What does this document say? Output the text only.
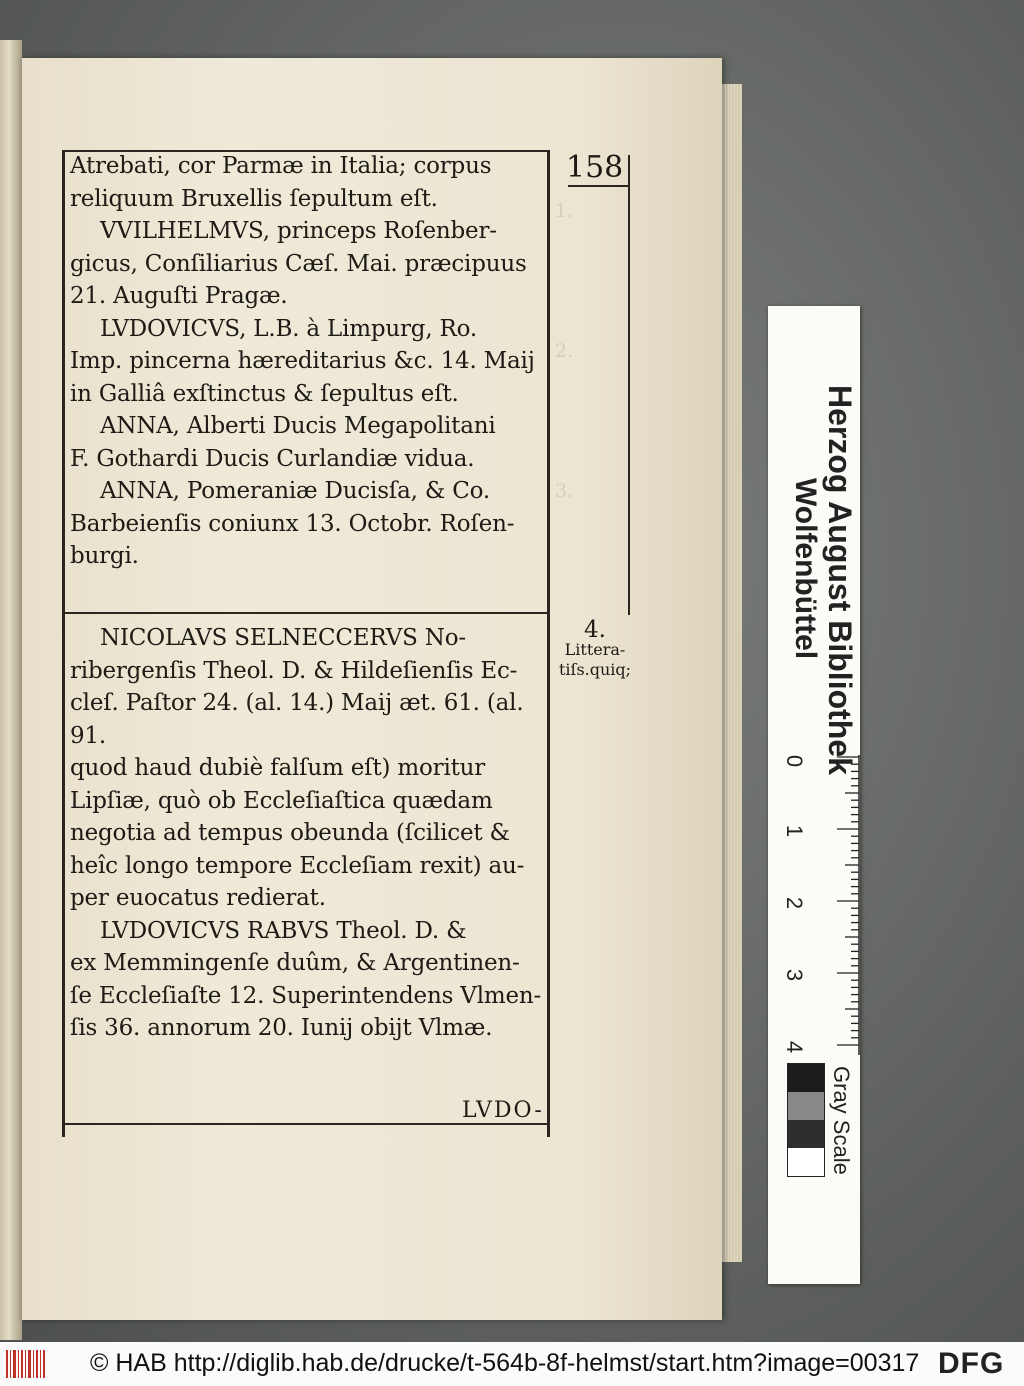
1.
2.
3.
158
Atrebati, cor Parmæ in Italia; corpus
reliquum Bruxellis ſepultum eſt.
VVILHELMVS, princeps Roſenber-
gicus, Conſiliarius Cæſ. Mai. præcipuus
21. Auguſti Pragæ.
LVDOVICVS, L.B. à Limpurg, Ro.
Imp. pincerna hæreditarius &c. 14. Maij
in Galliâ exſtinctus & ſepultus eſt.
ANNA, Alberti Ducis Megapolitani
F. Gothardi Ducis Curlandiæ vidua.
ANNA, Pomeraniæ Ducisſa, & Co.
Barbeienſis coniunx 13. Octobr. Roſen-
burgi.
NICOLAVS SELNECCERVS No-
ribergenſis Theol. D. & Hildeſienſis Ec-
cleſ. Paſtor 24. (al. 14.) Maij æt. 61. (al. 91.
quod haud dubiè falſum eſt) moritur
Lipſiæ, quò ob Eccleſiaſtica quædam
negotia ad tempus obeunda (ſcilicet &
heîc longo tempore Eccleſiam rexit) au-
per euocatus redierat.
LVDOVICVS RABVS Theol. D. &
ex Memmingenſe duûm, & Argentinen-
ſe Eccleſiaſte 12. Superintendens Vlmen-
ſis 36. annorum 20. Iunij obijt Vlmæ.
4.
Littera-
tiſs.quiq;
LVDO-
Herzog August Bibliothek
Wolfenbüttel
0
1
2
3
4
Gray Scale
© HAB http://diglib.hab.de/drucke/t-564b-8f-helmst/start.htm?image=00317 DFG
